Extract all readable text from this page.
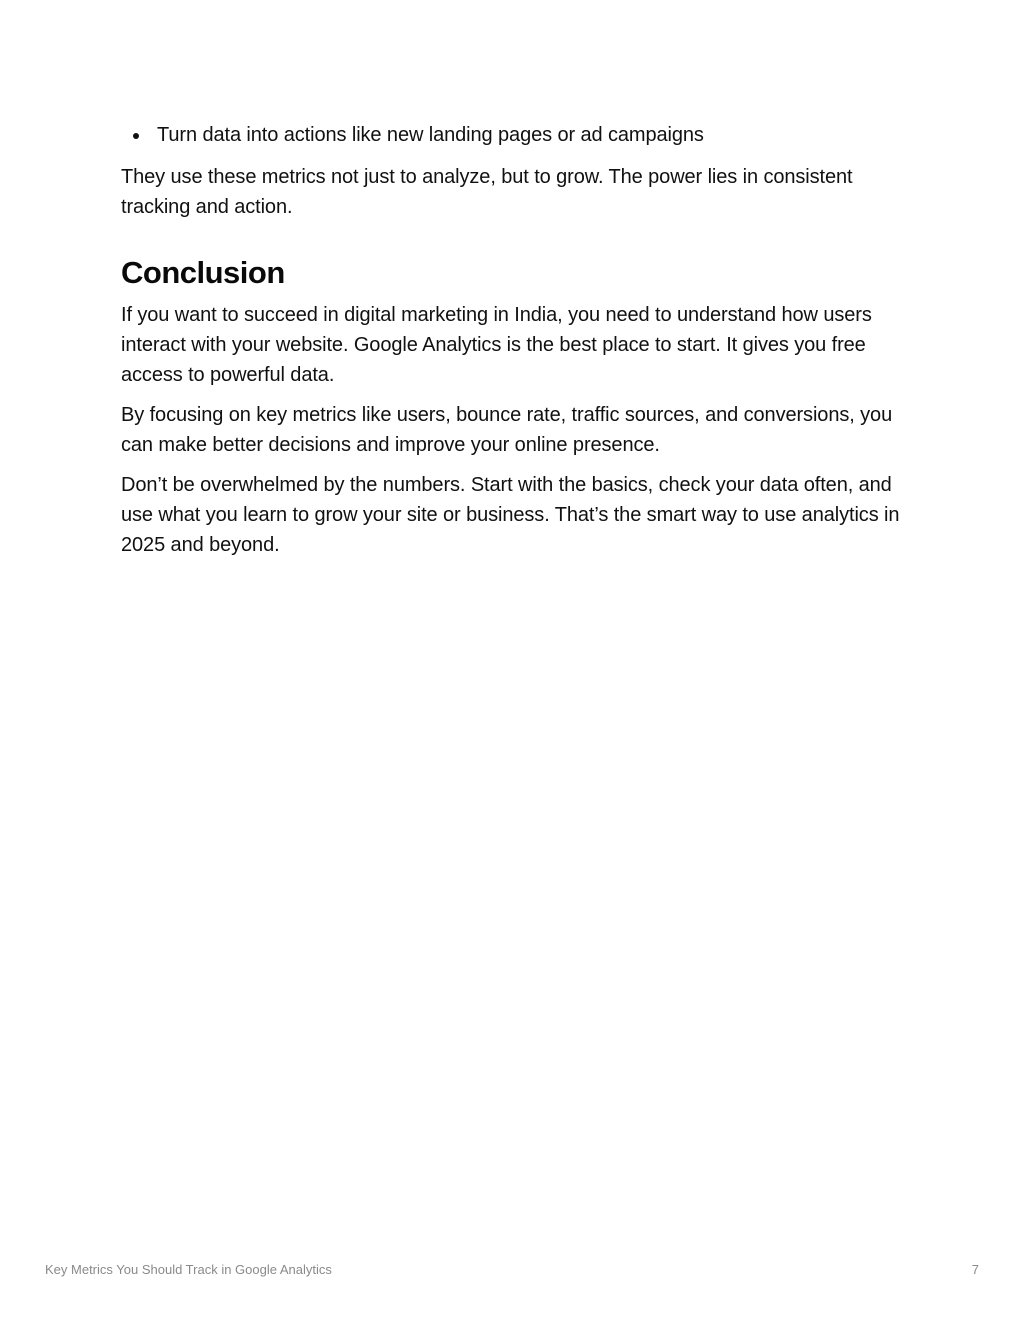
Turn data into actions like new landing pages or ad campaigns

They use these metrics not just to analyze, but to grow. The power lies in consistent tracking and action.

Conclusion

If you want to succeed in digital marketing in India, you need to understand how users interact with your website. Google Analytics is the best place to start. It gives you free access to powerful data.

By focusing on key metrics like users, bounce rate, traffic sources, and conversions, you can make better decisions and improve your online presence.

Don’t be overwhelmed by the numbers. Start with the basics, check your data often, and use what you learn to grow your site or business. That’s the smart way to use analytics in 2025 and beyond.

Key Metrics You Should Track in Google Analytics	7
